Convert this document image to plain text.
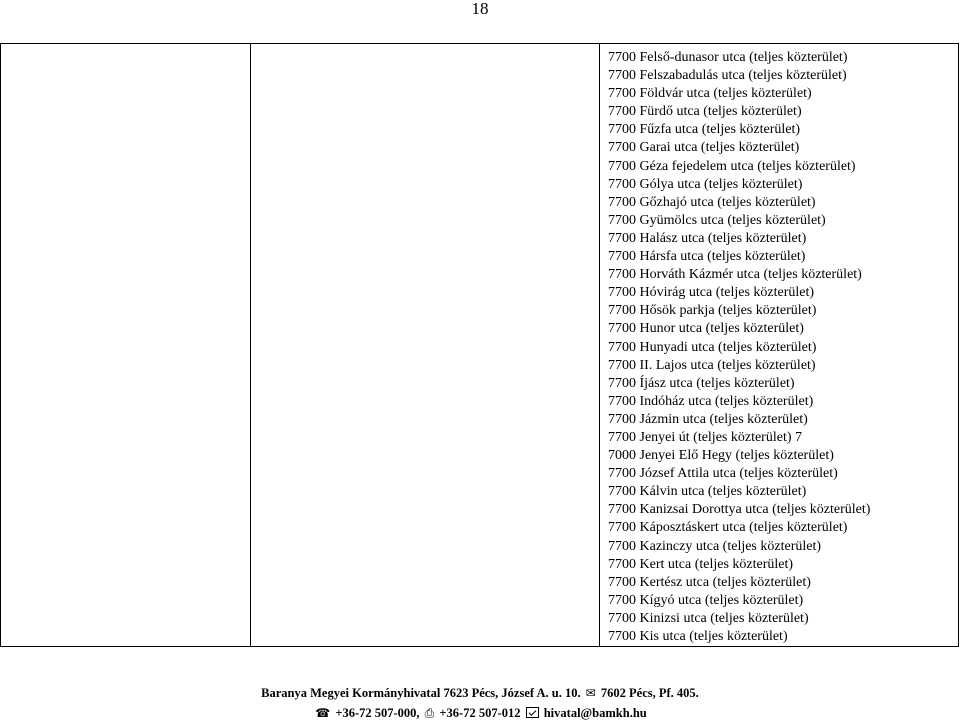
18

7700 Felső-dunasor utca (teljes közterület)
7700 Felszabadulás utca (teljes közterület)
7700 Földvár utca (teljes közterület)
7700 Fürdő utca (teljes közterület)
7700 Fűzfa utca (teljes közterület)
7700 Garai utca (teljes közterület)
7700 Géza fejedelem utca (teljes közterület)
7700 Gólya utca (teljes közterület)
7700 Gőzhajó utca (teljes közterület)
7700 Gyümölcs utca (teljes közterület)
7700 Halász utca (teljes közterület)
7700 Hársfa utca (teljes közterület)
7700 Horváth Kázmér utca (teljes közterület)
7700 Hóvirág utca (teljes közterület)
7700 Hősök parkja (teljes közterület)
7700 Hunor utca (teljes közterület)
7700 Hunyadi utca (teljes közterület)
7700 II. Lajos utca (teljes közterület)
7700 Íjász utca (teljes közterület)
7700 Indóház utca (teljes közterület)
7700 Jázmin utca (teljes közterület)
7700 Jenyei út (teljes közterület) 7
7000 Jenyei Elő Hegy (teljes közterület)
7700 József Attila utca (teljes közterület)
7700 Kálvin utca (teljes közterület)
7700 Kanizsai Dorottya utca (teljes közterület)
7700 Káposztáskert utca (teljes közterület)
7700 Kazinczy utca (teljes közterület)
7700 Kert utca (teljes közterület)
7700 Kertész utca (teljes közterület)
7700 Kígyó utca (teljes közterület)
7700 Kinizsi utca (teljes közterület)
7700 Kis utca (teljes közterület)
Baranya Megyei Kormányhivatal 7623 Pécs, József A. u. 10. ✉ 7602 Pécs, Pf. 405.
☎ +36-72 507-000, ⎙ +36-72 507-012 hivatal@bamkh.hu
